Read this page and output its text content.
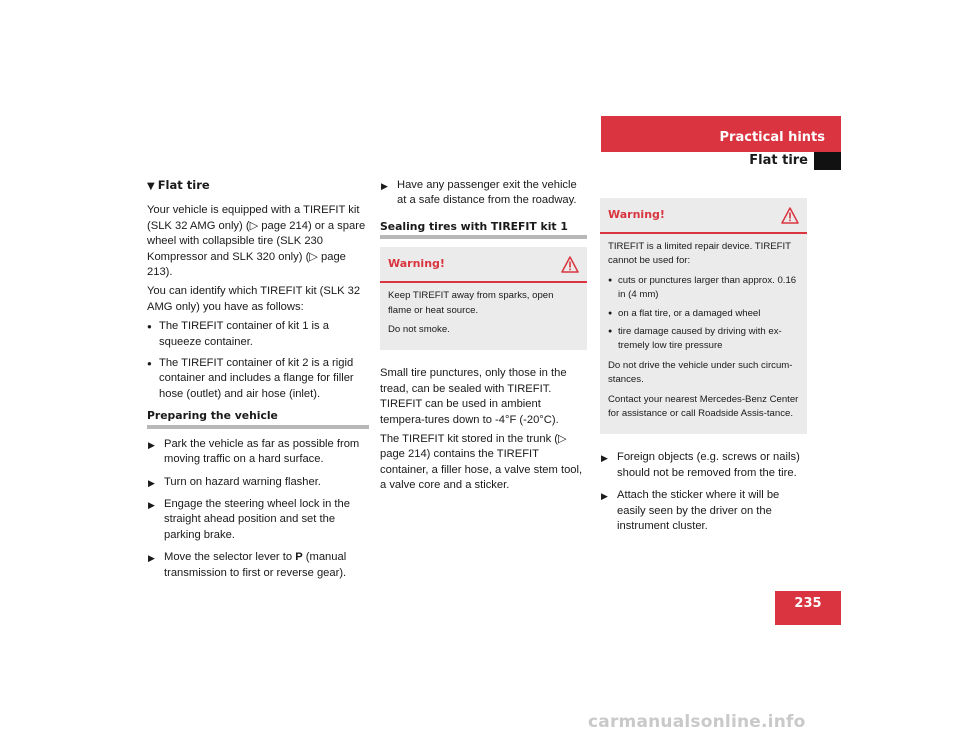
Practical hints
Flat tire
▼ Flat tire

Your vehicle is equipped with a TIREFIT kit (SLK 32 AMG only) (▷ page 214) or a spare wheel with collapsible tire (SLK 230 Kompressor and SLK 320 only) (▷ page 213).

You can identify which TIREFIT kit (SLK 32 AMG only) you have as follows:

● The TIREFIT container of kit 1 is a squeeze container.
● The TIREFIT container of kit 2 is a rigid container and includes a flange for filler hose (outlet) and air hose (inlet).
Preparing the vehicle
▶ Park the vehicle as far as possible from moving traffic on a hard surface.
▶ Turn on hazard warning flasher.
▶ Engage the steering wheel lock in the straight ahead position and set the parking brake.
▶ Move the selector lever to P (manual transmission to first or reverse gear).
▶ Have any passenger exit the vehicle at a safe distance from the roadway.
Sealing tires with TIREFIT kit 1
Warning!

Keep TIREFIT away from sparks, open flame or heat source.

Do not smoke.

Small tire punctures, only those in the tread, can be sealed with TIREFIT. TIREFIT can be used in ambient tempera-tures down to -4°F (-20°C).

The TIREFIT kit stored in the trunk (▷ page 214) contains the TIREFIT container, a filler hose, a valve stem tool, a valve core and a sticker.

Warning!

TIREFIT is a limited repair device. TIREFIT cannot be used for:

● cuts or punctures larger than approx. 0.16 in (4 mm)
● on a flat tire, or a damaged wheel
● tire damage caused by driving with ex-tremely low tire pressure

Do not drive the vehicle under such circum-stances.

Contact your nearest Mercedes-Benz Center for assistance or call Roadside Assis-tance.

▶ Foreign objects (e.g. screws or nails) should not be removed from the tire.
▶ Attach the sticker where it will be easily seen by the driver on the instrument cluster.
235
carmanualsonline.info
